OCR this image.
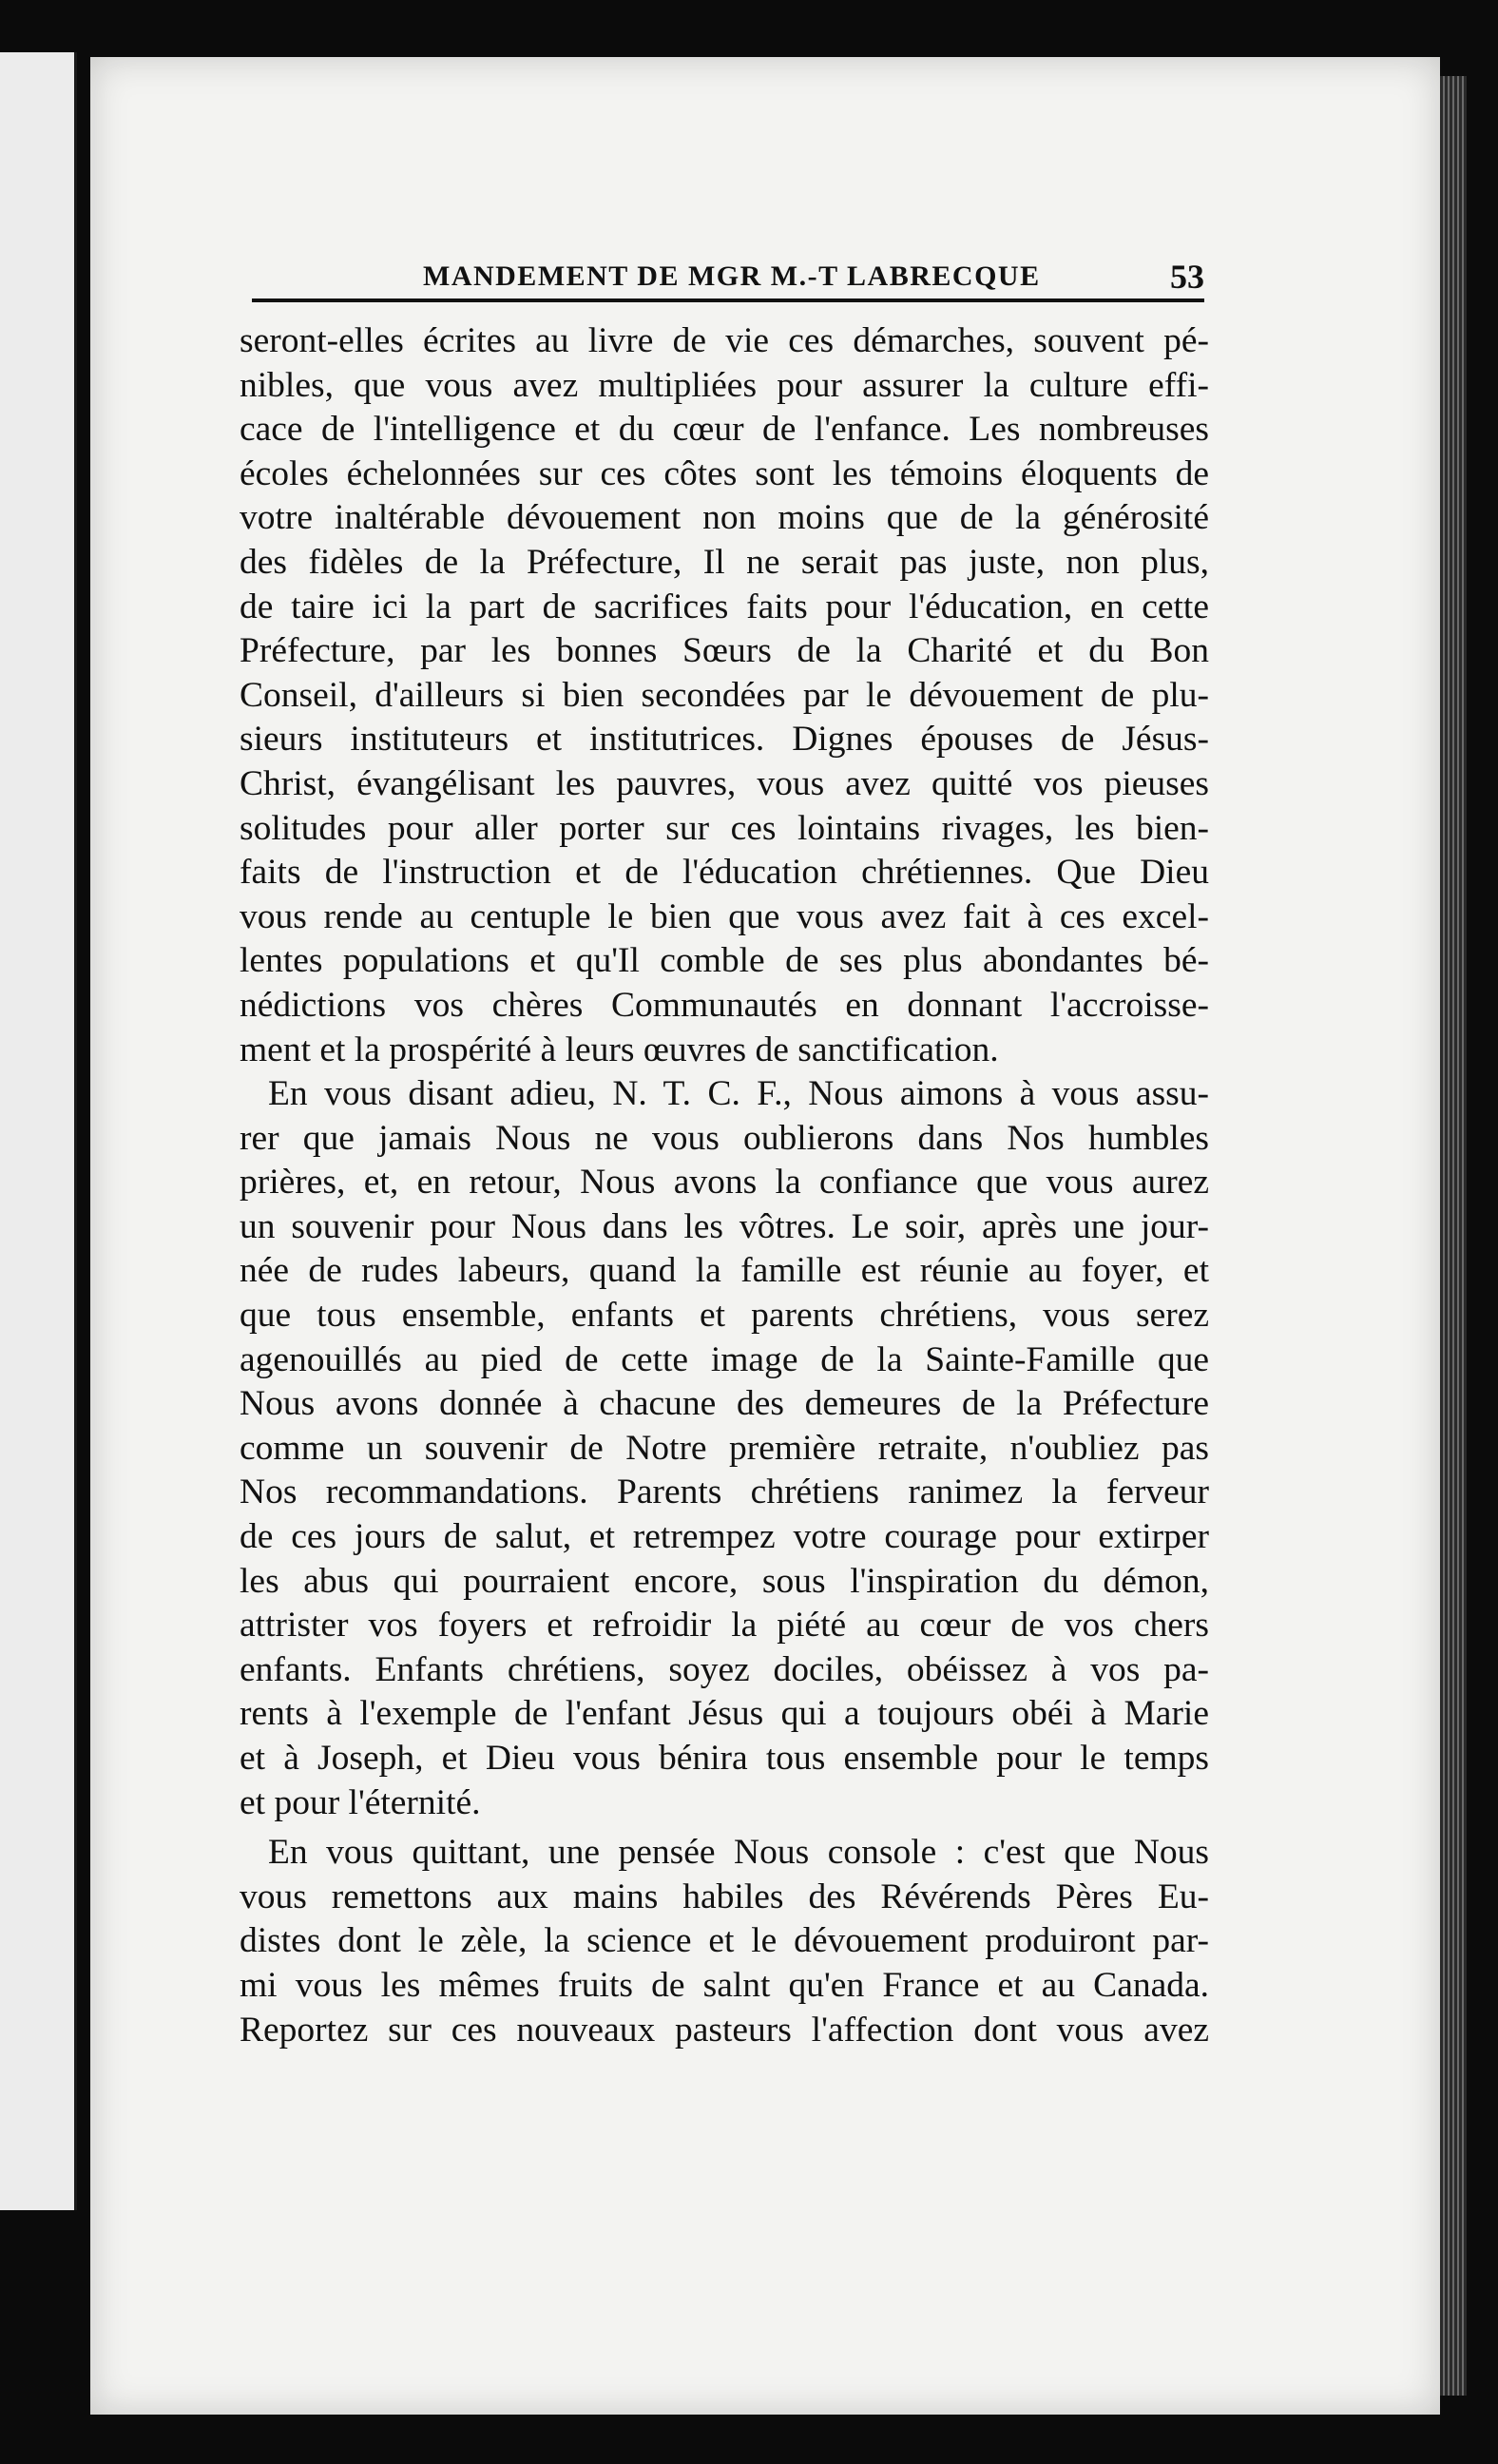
MANDEMENT DE MGR M.-T LABRECQUE	53
seront-elles écrites au livre de vie ces démarches, souvent pé-
nibles, que vous avez multipliées pour assurer la culture effi-
cace de l'intelligence et du cœur de l'enfance. Les nombreuses
écoles échelonnées sur ces côtes sont les témoins éloquents de
votre inaltérable dévouement non moins que de la générosité
des fidèles de la Préfecture, Il ne serait pas juste, non plus,
de taire ici la part de sacrifices faits pour l'éducation, en cette
Préfecture, par les bonnes Sœurs de la Charité et du Bon
Conseil, d'ailleurs si bien secondées par le dévouement de plu-
sieurs instituteurs et institutrices. Dignes épouses de Jésus-
Christ, évangélisant les pauvres, vous avez quitté vos pieuses
solitudes pour aller porter sur ces lointains rivages, les bien-
faits de l'instruction et de l'éducation chrétiennes. Que Dieu
vous rende au centuple le bien que vous avez fait à ces excel-
lentes populations et qu'Il comble de ses plus abondantes bé-
nédictions vos chères Communautés en donnant l'accroisse-
ment et la prospérité à leurs œuvres de sanctification.
En vous disant adieu, N. T. C. F., Nous aimons à vous assu-
rer que jamais Nous ne vous oublierons dans Nos humbles
prières, et, en retour, Nous avons la confiance que vous aurez
un souvenir pour Nous dans les vôtres. Le soir, après une jour-
née de rudes labeurs, quand la famille est réunie au foyer, et
que tous ensemble, enfants et parents chrétiens, vous serez
agenouillés au pied de cette image de la Sainte-Famille que
Nous avons donnée à chacune des demeures de la Préfecture
comme un souvenir de Notre première retraite, n'oubliez pas
Nos recommandations. Parents chrétiens ranimez la ferveur
de ces jours de salut, et retrempez votre courage pour extirper
les abus qui pourraient encore, sous l'inspiration du démon,
attrister vos foyers et refroidir la piété au cœur de vos chers
enfants. Enfants chrétiens, soyez dociles, obéissez à vos pa-
rents à l'exemple de l'enfant Jésus qui a toujours obéi à Marie
et à Joseph, et Dieu vous bénira tous ensemble pour le temps
et pour l'éternité.
En vous quittant, une pensée Nous console : c'est que Nous
vous remettons aux mains habiles des Révérends Pères Eu-
distes dont le zèle, la science et le dévouement produiront par-
mi vous les mêmes fruits de salnt qu'en France et au Canada.
Reportez sur ces nouveaux pasteurs l'affection dont vous avez
